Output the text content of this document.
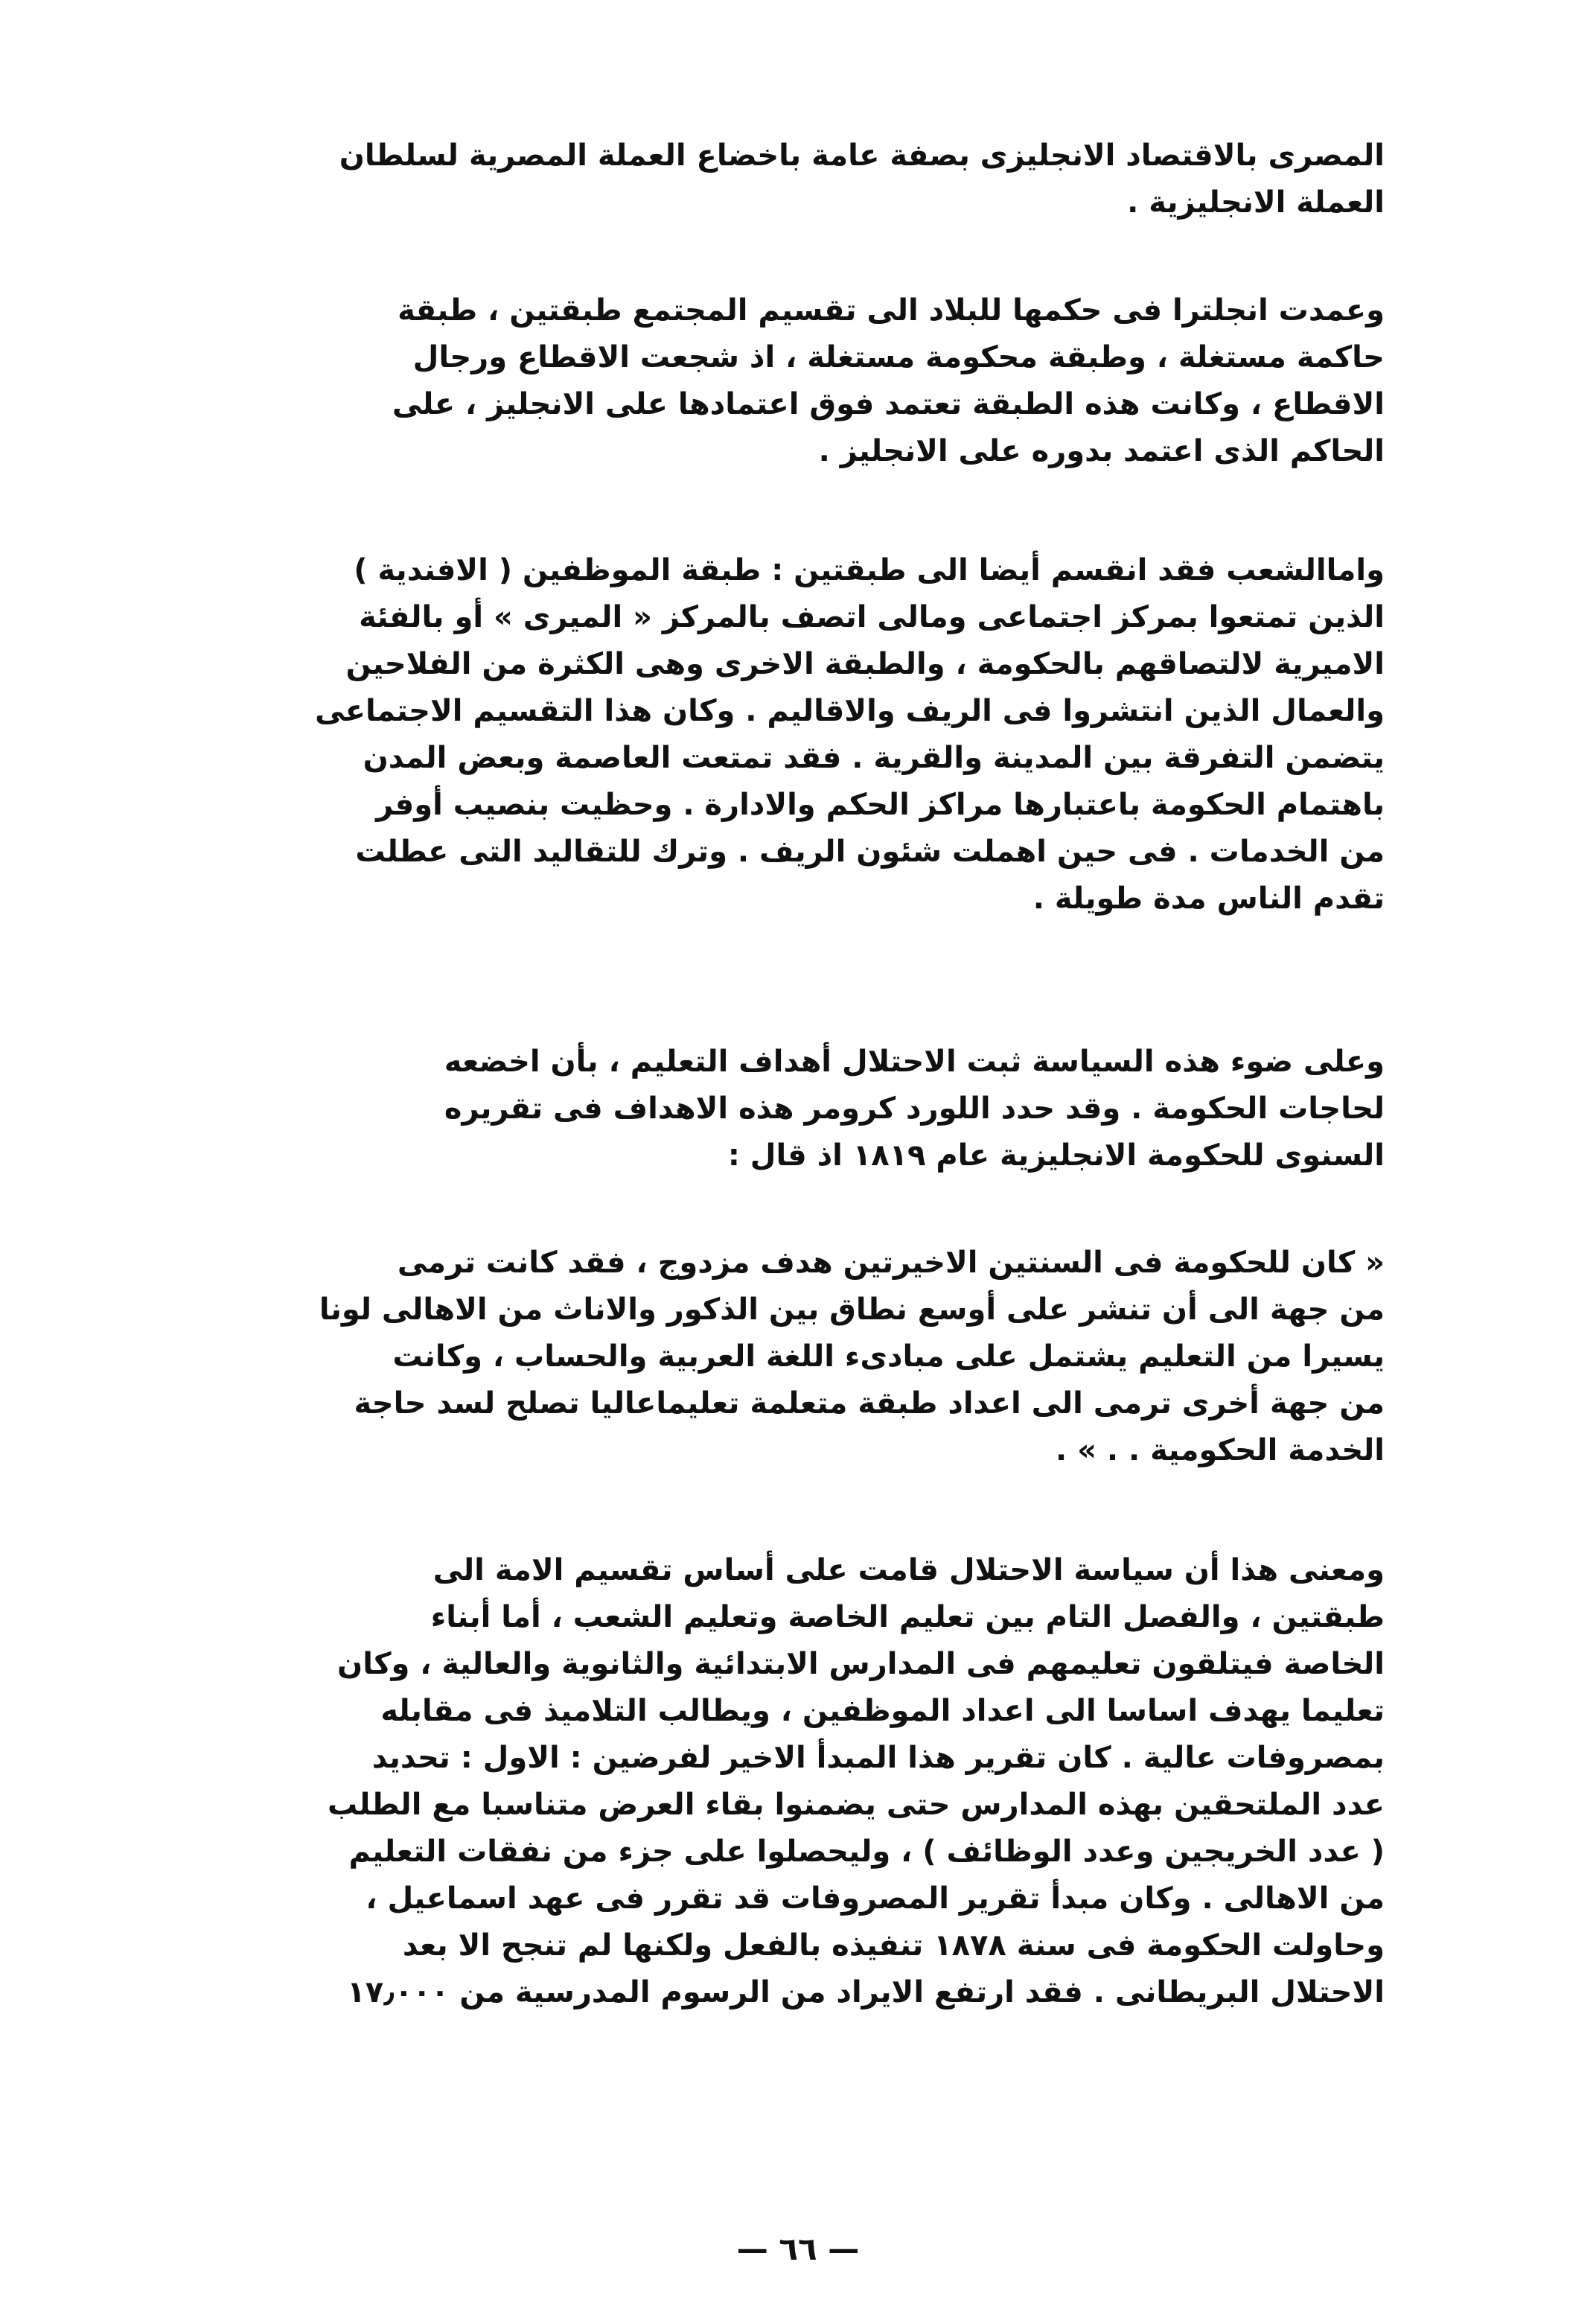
المصرى بالاقتصاد الانجليزى بصفة عامة باخضاع العملة المصرية لسلطان
العملة الانجليزية .
وعمدت انجلترا فى حكمها للبلاد الى تقسيم المجتمع طبقتين ، طبقة
حاكمة مستغلة ، وطبقة محكومة مستغلة ، اذ شجعت الاقطاع ورجال
الاقطاع ، وكانت هذه الطبقة تعتمد فوق اعتمادها على الانجليز ، على
الحاكم الذى اعتمد بدوره على الانجليز .
واماالشعب فقد انقسم أيضا الى طبقتين : طبقة الموظفين ( الافندية )
الذين تمتعوا بمركز اجتماعى ومالى اتصف بالمركز « الميرى » أو بالفئة
الاميرية لالتصاقهم بالحكومة ، والطبقة الاخرى وهى الكثرة من الفلاحين
والعمال الذين انتشروا فى الريف والاقاليم . وكان هذا التقسيم الاجتماعى
يتضمن التفرقة بين المدينة والقرية . فقد تمتعت العاصمة وبعض المدن
باهتمام الحكومة باعتبارها مراكز الحكم والادارة . وحظيت بنصيب أوفر
من الخدمات . فى حين اهملت شئون الريف . وترك للتقاليد التى عطلت
تقدم الناس مدة طويلة .
وعلى ضوء هذه السياسة ثبت الاحتلال أهداف التعليم ، بأن اخضعه
لحاجات الحكومة . وقد حدد اللورد كرومر هذه الاهداف فى تقريره
السنوى للحكومة الانجليزية عام ١٨١٩ اذ قال :
« كان للحكومة فى السنتين الاخيرتين هدف مزدوج ، فقد كانت ترمى
من جهة الى أن تنشر على أوسع نطاق بين الذكور والاناث من الاهالى لونا
يسيرا من التعليم يشتمل على مبادىء اللغة العربية والحساب ، وكانت
من جهة أخرى ترمى الى اعداد طبقة متعلمة تعليماعاليا تصلح لسد حاجة
الخدمة الحكومية . . » .
ومعنى هذا أن سياسة الاحتلال قامت على أساس تقسيم الامة الى
طبقتين ، والفصل التام بين تعليم الخاصة وتعليم الشعب ، أما أبناء
الخاصة فيتلقون تعليمهم فى المدارس الابتدائية والثانوية والعالية ، وكان
تعليما يهدف اساسا الى اعداد الموظفين ، ويطالب التلاميذ فى مقابله
بمصروفات عالية . كان تقرير هذا المبدأ الاخير لفرضين : الاول : تحديد
عدد الملتحقين بهذه المدارس حتى يضمنوا بقاء العرض متناسبا مع الطلب
( عدد الخريجين وعدد الوظائف ) ، وليحصلوا على جزء من نفقات التعليم
من الاهالى . وكان مبدأ تقرير المصروفات قد تقرر فى عهد اسماعيل ،
وحاولت الحكومة فى سنة ١٨٧٨ تنفيذه بالفعل ولكنها لم تنجح الا بعد
الاحتلال البريطانى . فقد ارتفع الايراد من الرسوم المدرسية من ١٧٫٠٠٠
— ٦٦ —
